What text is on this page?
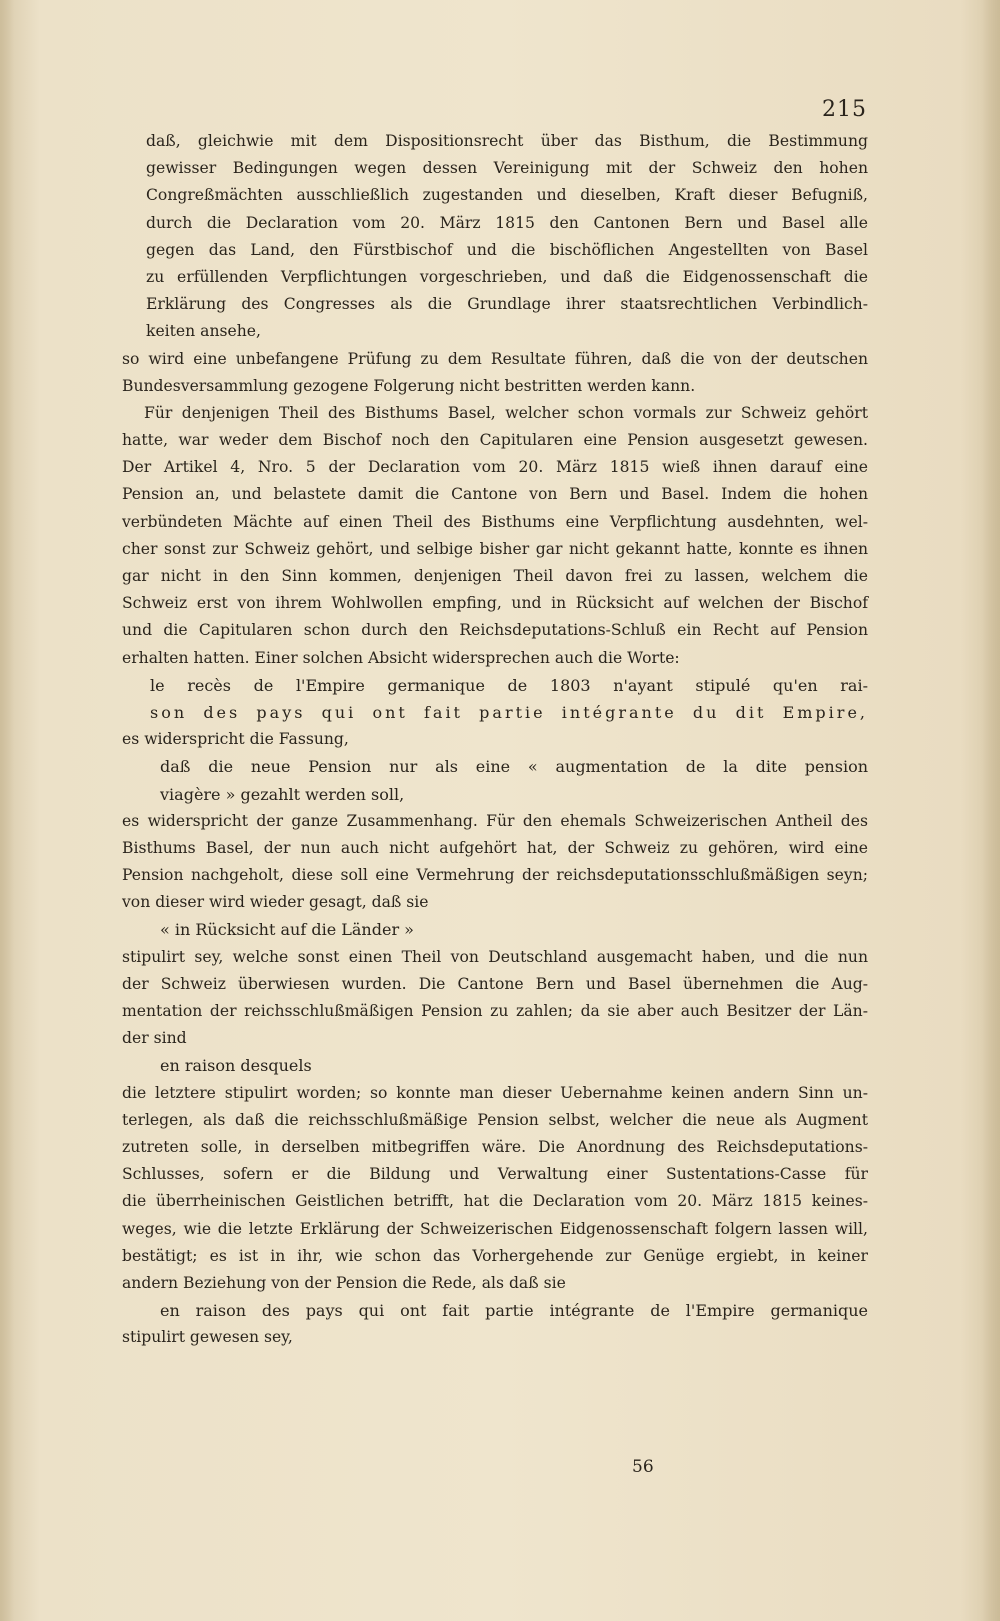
215
daß, gleichwie mit dem Dispositionsrecht über das Bisthum, die Bestimmung
gewisser Bedingungen wegen dessen Vereinigung mit der Schweiz den hohen
Congreßmächten ausschließlich zugestanden und dieselben, Kraft dieser Befugniß,
durch die Declaration vom 20. März 1815 den Cantonen Bern und Basel alle
gegen das Land, den Fürstbischof und die bischöflichen Angestellten von Basel
zu erfüllenden Verpflichtungen vorgeschrieben, und daß die Eidgenossenschaft die
Erklärung des Congresses als die Grundlage ihrer staatsrechtlichen Verbindlich-
keiten ansehe,
so wird eine unbefangene Prüfung zu dem Resultate führen, daß die von der deutschen
Bundesversammlung gezogene Folgerung nicht bestritten werden kann.
Für denjenigen Theil des Bisthums Basel, welcher schon vormals zur Schweiz gehört
hatte, war weder dem Bischof noch den Capitularen eine Pension ausgesetzt gewesen.
Der Artikel 4, Nro. 5 der Declaration vom 20. März 1815 wieß ihnen darauf eine
Pension an, und belastete damit die Cantone von Bern und Basel. Indem die hohen
verbündeten Mächte auf einen Theil des Bisthums eine Verpflichtung ausdehnten, wel-
cher sonst zur Schweiz gehört, und selbige bisher gar nicht gekannt hatte, konnte es ihnen
gar nicht in den Sinn kommen, denjenigen Theil davon frei zu lassen, welchem die
Schweiz erst von ihrem Wohlwollen empfing, und in Rücksicht auf welchen der Bischof
und die Capitularen schon durch den Reichsdeputations-Schluß ein Recht auf Pension
erhalten hatten. Einer solchen Absicht widersprechen auch die Worte:
le recès de l'Empire germanique de 1803 n'ayant stipulé qu'en rai-
son des pays qui ont fait partie intégrante du dit Empire,
es widerspricht die Fassung,
daß die neue Pension nur als eine « augmentation de la dite pension
viagère » gezahlt werden soll,
es widerspricht der ganze Zusammenhang. Für den ehemals Schweizerischen Antheil des
Bisthums Basel, der nun auch nicht aufgehört hat, der Schweiz zu gehören, wird eine
Pension nachgeholt, diese soll eine Vermehrung der reichsdeputationsschlußmäßigen seyn;
von dieser wird wieder gesagt, daß sie
« in Rücksicht auf die Länder »
stipulirt sey, welche sonst einen Theil von Deutschland ausgemacht haben, und die nun
der Schweiz überwiesen wurden. Die Cantone Bern und Basel übernehmen die Aug-
mentation der reichsschlußmäßigen Pension zu zahlen; da sie aber auch Besitzer der Län-
der sind
en raison desquels
die letztere stipulirt worden; so konnte man dieser Uebernahme keinen andern Sinn un-
terlegen, als daß die reichsschlußmäßige Pension selbst, welcher die neue als Augment
zutreten solle, in derselben mitbegriffen wäre. Die Anordnung des Reichsdeputations-
Schlusses, sofern er die Bildung und Verwaltung einer Sustentations-Casse für
die überrheinischen Geistlichen betrifft, hat die Declaration vom 20. März 1815 keines-
weges, wie die letzte Erklärung der Schweizerischen Eidgenossenschaft folgern lassen will,
bestätigt; es ist in ihr, wie schon das Vorhergehende zur Genüge ergiebt, in keiner
andern Beziehung von der Pension die Rede, als daß sie
en raison des pays qui ont fait partie intégrante de l'Empire germanique
stipulirt gewesen sey,
56
